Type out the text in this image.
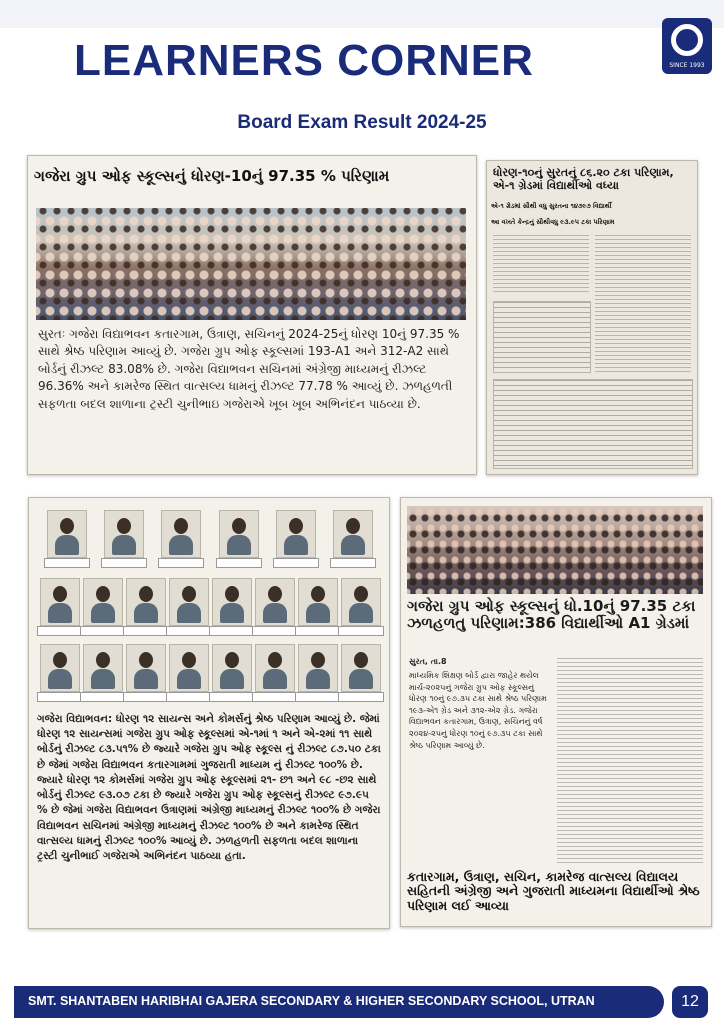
LEARNERS CORNER	SINCE 1993
Board Exam Result 2024-25
ગજેરા ગ્રુપ ઓફ સ્કૂલ્સનું ધોરણ-10નું 97.35 % પરિણામ
સુરતઃ ગજેરા વિદ્યાભવન કતારગામ, ઉત્રાણ, સચિનનું 2024-25નું ધોરણ 10નું 97.35 % સાથે શ્રેષ્ઠ પરિણામ આવ્યું છે. ગજેરા ગ્રુપ ઓફ સ્કૂલ્સમાં 193-A1 અને 312-A2 સાથે બોર્ડનું રીઝલ્ટ 83.08% છે. ગજેરા વિદ્યાભવન સચિનમાં અંગ્રેજી માધ્યમનું રીઝલ્ટ 96.36% અને કામરેજ સ્થિત વાત્સલ્ય ધામનું રીઝલ્ટ 77.78 % આવ્યું છે. ઝળહળતી સફળતા બદલ શાળાના ટ્રસ્ટી ચુનીભાઇ ગજેરાએ ખૂબ ખૂબ અભિનંદન પાઠવ્યા છે.
ધોરણ-૧૦નું સુરતનું ૮૬.૨૦ ટકા પરિણામ, એ-૧ ગ્રેડમાં વિદ્યાર્થીઓ વધ્યા
એ-૧ ગ્રેડમાં સૌથી વધુ સુરતના ૧૪૭૯૭ વિદ્યાર્થી
આ વખતે કેન્દ્રનું સૌથીવધુ ૯૩.૯૫ ટકા પરિણામ
ગજેરા વિદ્યાભવન: ધોરણ ૧૨ સાયન્સ અને કોમર્સનું શ્રેષ્ઠ પરિણામ આવ્યું છે. જેમાં ધોરણ ૧૨ સાયન્સમાં ગજેરા ગ્રુપ ઓફ સ્કૂલ્સમાં એ-૧માં ૧ અને એ-૨માં ૧૧ સાથે બોર્ડનું રીઝલ્ટ ૮૩.૫૧% છે જ્યારે ગજેરા ગ્રુપ ઓફ સ્કૂલ્સ નું રીઝલ્ટ ૮૭.૫૦ ટકા છે જેમાં ગજેરા વિદ્યાભવન કતારગામમાં ગુજરાતી માધ્યમ નું રીઝલ્ટ ૧૦૦% છે. જ્યારે ધોરણ ૧૨ કોમર્સમાં ગજેરા ગ્રુપ ઓફ સ્કૂલ્સમાં ૨૧- છ૧ અને ૯૮ -છ૨ સાથે બોર્ડનું રીઝલ્ટ ૯૩.૦૭ ટકા છે જ્યારે ગજેરા ગ્રુપ ઓફ સ્કૂલ્સનું રીઝલ્ટ ૯૭.૯૫ % છે જેમાં ગજેરા વિદ્યાભવન ઉત્રાણમાં અંગ્રેજી માધ્યમનું રીઝલ્ટ ૧૦૦% છે ગજેરા વિદ્યાભવન સચિનમાં અંગ્રેજી માધ્યમનું રીઝલ્ટ ૧૦૦% છે અને કામરેજ સ્થિત વાત્સલ્ય ધામનું રીઝલ્ટ ૧૦૦% આવ્યું છે. ઝળહળતી સફળતા બદલ શાળાના ટ્રસ્ટી ચુનીભાઈ ગજેરાએ અભિનંદન પાઠવ્યા હતા.
ગજેરા ગ્રુપ ઓફ સ્કૂલ્સનું ધો.10નું 97.35 ટકા ઝળહળતુ પરિણામ:386 વિદ્યાર્થીઓ A1 ગ્રેડમાં
સુરત, તા.8
માધ્યમિક શિક્ષણ બોર્ડ દ્વારા જાહેર થયેલ માર્ચ-૨૦૨૫નું ગજેરા ગ્રુપ ઓફ સ્કૂલ્સનું ધોરણ ૧૦નું ૯૭.૩૫ ટકા સાથે શ્રેષ્ઠ પરિણામ ૧૯૩-એ૧ ગ્રેડ અને ૩૧૨-એ૨ ગ્રેડ. ગજેરા વિદ્યાભવન કતારગામ, ઉત્રાણ, સચિનનું વર્ષ ૨૦૨૪-૨૫નું ધોરણ ૧૦નું ૯૭.૩૫ ટકા સાથે શ્રેષ્ઠ પરિણામ આવ્યું છે.
કતારગામ, ઉત્રાણ, સચિન, કામરેજ વાત્સલ્ય વિદ્યાલય સહિતની અંગ્રેજી અને ગુજરાતી માધ્યમના વિદ્યાર્થીઓ શ્રેષ્ઠ પરિણામ લઈ આવ્યા
SMT. SHANTABEN HARIBHAI GAJERA SECONDARY & HIGHER SECONDARY SCHOOL, UTRAN	12
